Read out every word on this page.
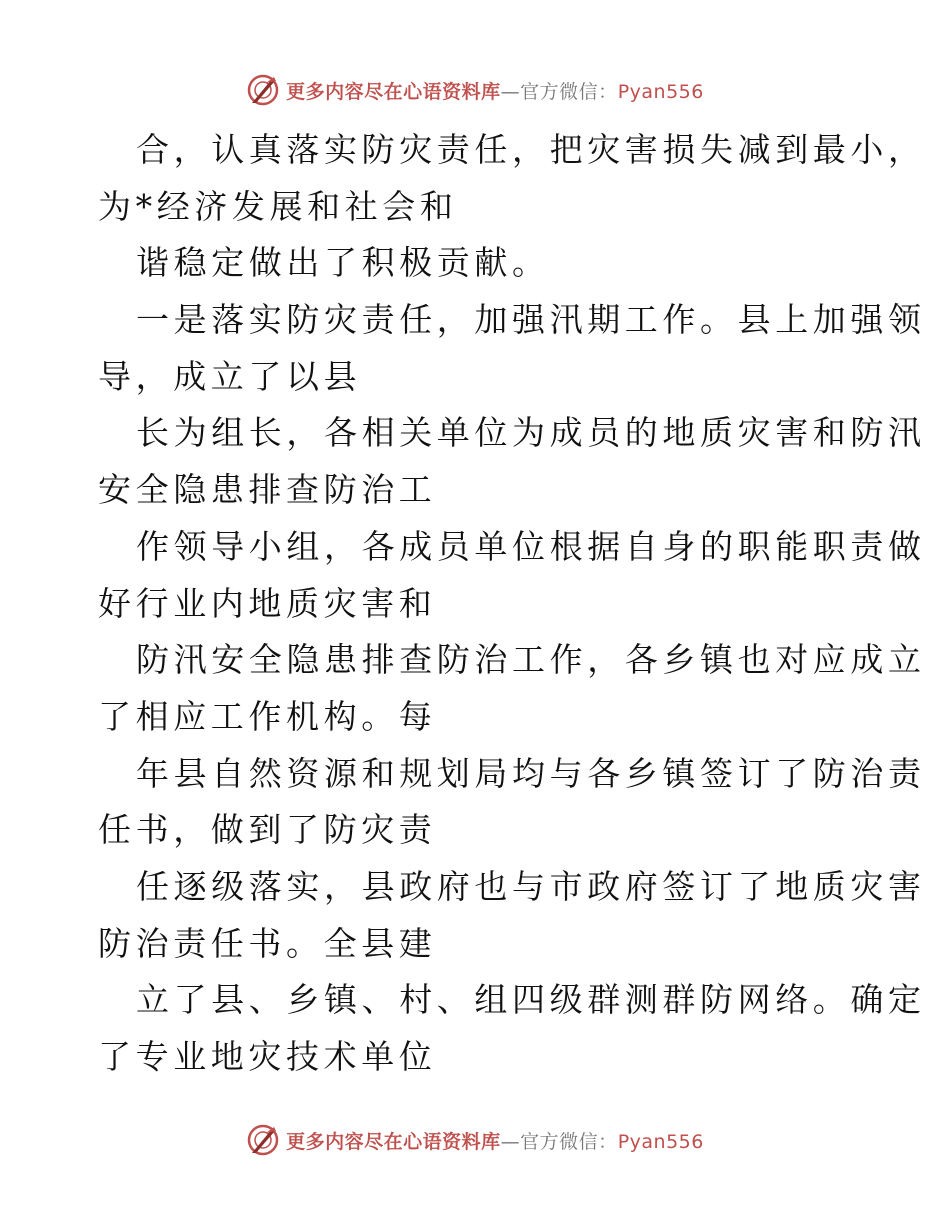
更多内容尽在心语资料库—官方微信：Pyan556
合，认真落实防灾责任，把灾害损失减到最小，
为*经济发展和社会和
谐稳定做出了积极贡献。
一是落实防灾责任，加强汛期工作。县上加强领
导，成立了以县
长为组长，各相关单位为成员的地质灾害和防汛
安全隐患排查防治工
作领导小组，各成员单位根据自身的职能职责做
好行业内地质灾害和
防汛安全隐患排查防治工作，各乡镇也对应成立
了相应工作机构。每
年县自然资源和规划局均与各乡镇签订了防治责
任书，做到了防灾责
任逐级落实，县政府也与市政府签订了地质灾害
防治责任书。全县建
立了县、乡镇、村、组四级群测群防网络。确定
了专业地灾技术单位
更多内容尽在心语资料库—官方微信：Pyan556
